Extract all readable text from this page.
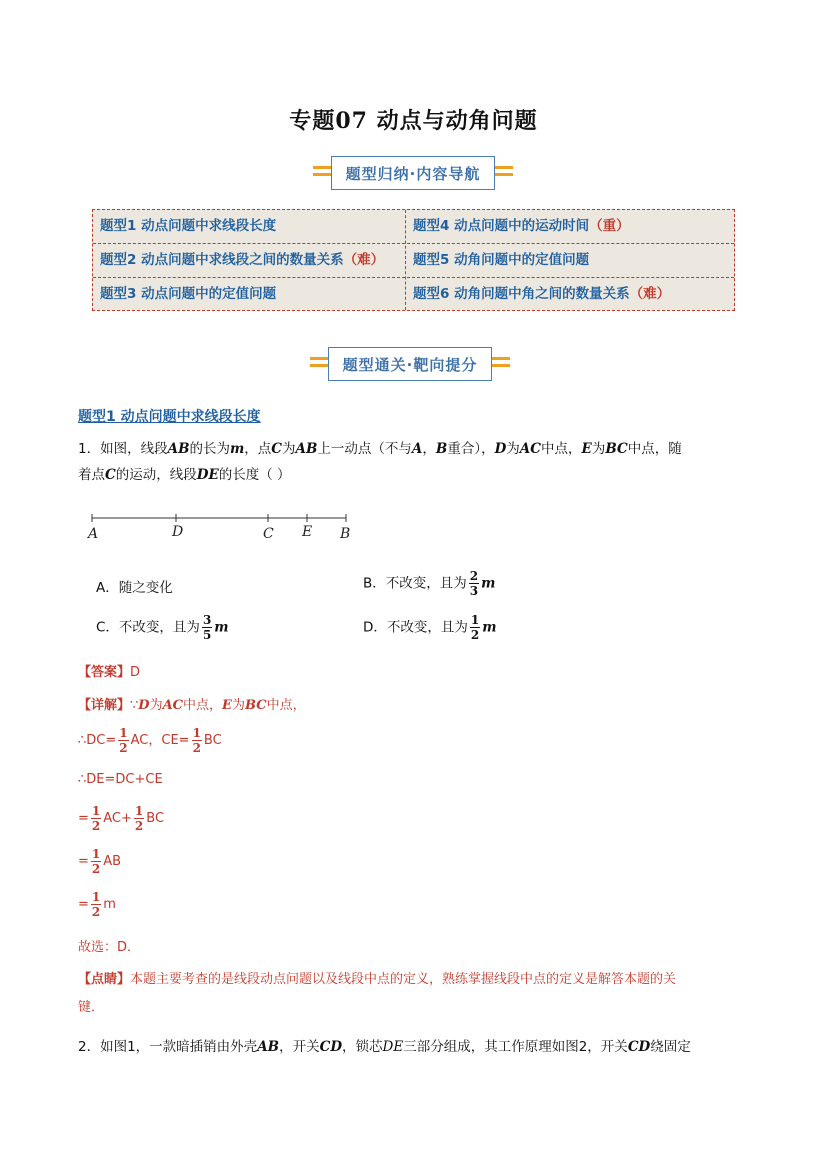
专题07 动点与动角问题
题型归纳·内容导航
题型1 动点问题中求线段长度	题型4 动点问题中的运动时间（重）
题型2 动点问题中求线段之间的数量关系（难） 题型5 动角问题中的定值问题
题型3 动点问题中的定值问题	题型6 动角问题中角之间的数量关系（难）
题型通关·靶向提分
题型1 动点问题中求线段长度
1．如图，线段AB的长为m，点C为AB上一动点（不与A，B重合），D为AC中点，E为BC中点，随
着点C的运动，线段DE的长度（ ）
A	D	C E B
A．随之变化	B．不改变，且为 $\frac{2}{3}$ m
C．不改变，且为 $\frac{3}{5}$ m	D．不改变，且为 $\frac{1}{2}$ m
【答案】D
【详解】∵D为AC中点，E为BC中点，
∴DC= $\frac{1}{2}$ AC，$CE= \frac{1}{2}$ BC
∴DE=DC+CE
= $\frac{1}{2} AC+ \frac{1}{2}$ BC
= $\frac{1}{2}$ AB
= $\frac{1}{2}$ m
故选：D．
【点睛】本题主要考查的是线段动点问题以及线段中点的定义，熟练掌握线段中点的定义是解答本题的关
键．
2．如图1，一款暗插销由外壳AB，开关CD，锁芯DE三部分组成，其工作原理如图2，开关CD绕固定
